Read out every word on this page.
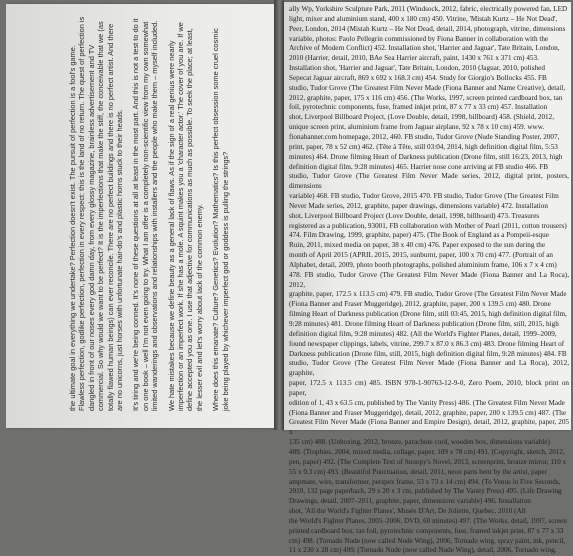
the ultimate goal in everything we undertake? Perfection doesn't exist. The pursuit of perfection is a fool's game. Flawless perfection, godlike perfection, perfection in every respect: this is the land of no return. The quest of perfection is dangled in front of our noses every god damn day, from every glossy magazine, brainless advertisement and TV commercial. So why would we want to be perfect? It is the imperfections that make the stiff, the conceivable that we (as totally flawed human beings) can ever reconcile. There are no perfect buildings and there is no perfect artist. And there are no unicorns, just horses with unfortunate hair-do's and plastic horns stuck to their heads. It's tiring and we're being conned. It's none of these questions at all at least in the most part. And this is not a test to do it on one book – well I'm not even going to try. What I am offer is a completely non-scientific view from my own somewhat limited wanderings and observations and relationships with installers and the people who make them – myself included. We hate mistakes because we define beauty as a general lack of flaws. As if the sign of a real genius were nearly imperfection or an imperfect work. If she has a mole. A squint makes you a 'character actor.' The cover of you are. If we define accepted you as one. I use that adjective for communications as much as possible. To seek the place; at least, the lesser evil and let's worry about lack of the common enemy. Where does this emanate? Culture? Genetics? Evolution? Mathematics? Is this perfect obsession some cruel cosmic joke being played by whichever imperfect god or goddess is pulling the strings?

ally Wp, Yorkshire Sculpture Park, 2011 (Windsock, 2012, fabric, electrically powered fan, LED

light, mixer and aluminium stand, 400 x 180 cm) 450. Vitrine, 'Mistah Kurtz – He Not Dead',

Peer, London, 2014 (Mistah Kurtz – He Not Dead, detail, 2014, photograph, vitrine, dimensions

variable, photos: Paolo Pellegrin commissioned by Fiona Banner in collaboration with the

Archive of Modern Conflict) 452. Installation shot, 'Harrier and Jaguar', Tate Britain, London,

2010 (Harrier, detail, 2010, BAe Sea Harrier aircraft, paint, 1430 x 761 x 371 cm) 453.

Installation shot, 'Harrier and Jaguar', Tate Britain, London, 2010 (Jaguar, 2010, polished

Sepecat Jaguar aircraft, 869 x 692 x 168.3 cm) 454. Study for Giorgio's Bollocks 455. FB

studio, Tudor Grove (The Greatest Film Never Made (Fiona Banner and Name Creative), detail,

2012, graphite, paper, 175 x 116 cm) 456. (The Works, 1997, screen printed cardboard box, tan

foil, pyrotechnic components, fuse, framed inkjet print, 87 x 77 x 33 cm) 457. Installation

shot, Liverpool Billboard Project, (Love Double, detail, 1998, billboard) 458. (Shield, 2012,

unique screen print, aluminium frame from Jaguar airplane, 92 x 78 x 10 cm) 459. www.

fionabanner.com homepage, 2012, 460. FB studio, Tudor Grove (Nude Standing Poster, 2007,

print, paper, 78 x 52 cm) 462. (Tête à Tête, still 03:04, 2014, high definition digital film, 5:53

minutes) 464. Drone filming Heart of Darkness publication (Drone film, still 16:23, 2013, high

definition digital film, 9:28 minutes) 465. Harrier nose cone arriving at FB studio 466. FB

studio, Tudor Grove (The Greatest Film Never Made series, 2012, digital print, posters, dimensions

variable) 468. FB studio, Tudor Grove, 2015 470. FB studio, Tudor Grove (The Greatest Film

Never Made series, 2012, graphite, paper drawings, dimensions variable) 472. Installation

shot, Liverpool Billboard Project (Love Double, detail, 1998, billboard) 473. Treasures

registered as a publication, 93001, FB collaboration with Mother of Pearl (2011, cotton trousers)

474. Film Drawing, 1999, graphite, paper) 475. (The Book of England as a Pompeii-esque

Ruin, 2011, mixed media on paper, 38 x 40 cm) 476. Paper exposed to the sun during the

month of April 2015 (APRIL 2015, 2015, sunburnt, paper, 100 x 70 cm) 477. (Portrait of an

Alphabet, detail, 2009, photo booth photographs, polished aluminium frame, 106 x 7 x 4 cm)

478. FB studio, Tudor Grove (The Greatest Film Never Made (Fiona Banner and La Roca), 2012,

graphite, paper, 172.5 x 113.5 cm) 479. FB studio, Tudor Grove (The Greatest Film Never Made

(Fiona Banner and Fraser Muggeridge), 2012, graphite, paper, 200 x 139.5 cm) 480. Drone

filming Heart of Darkness publication (Drone film, still 03:45, 2015, high definition digital film,

9:28 minutes) 481. Drone filming Heart of Darkness publication (Drone film, still, 2015, high

definition digital film, 9:28 minutes) 482. (All the World's Fighter Planes, detail, 1999–2009,

found newspaper clippings, labels, vitrine, 299.7 x 87.0 x 86.3 cm) 483. Drone filming Heart of

Darkness publication (Drone film, still, 2015, high definition digital film, 9:28 minutes) 484. FB

studio, Tudor Grove (The Greatest Film Never Made (Fiona Banner and La Roca), 2012, graphite,

paper, 172.5 x 113.5 cm) 485. ISBN 978-1-90763-12-9-0, Zero Poem, 2010, block print on paper,

edition of 1, 43 x 63.5 cm, published by The Vanity Press) 486. (The Greatest Film Never Made

(Fiona Banner and Fraser Muggeridge), detail, 2012, graphite, paper, 200 x 139.5 cm) 487. (The

Greatest Film Never Made (Fiona Banner and Empire Design), detail, 2012, graphite, paper, 205 x

135 cm) 488. (Unboxing, 2012, bronze, parachute cord, wooden box, dimensions variable)

489. (Trophies, 2004, mixed media, collage, paper, 109 x 78 cm) 491. (Copyright, sketch, 2012,

pen, paper) 492. (The Complete Text of Snoopy's Novel, 2013, screenprint, bronze mirror, 110 x

55 x 0.3 cm) 493. (Beautiful Punctuation, detail, 2011, neon parts bent by the artist, paper

ampmate, wire, transformer, perspex frame, 53 x 73 x 14 cm) 494. (To Venus in Five Seconds,

2010, 132 page paperback, 29 x 20 x 3 cm, published by The Vanity Press) 495. (Life Drawing

Drawings, detail, 2007–2011, graphite, paper, dimensions variable) 496. Installation

shot, 'All the World's Fighter Planes', Musée D'Art, De Joliette, Quebec, 2010 (All

the World's Fighter Planes, 2005–2006, DVD, 60 minutes) 497. (The Works, detail, 1997, screen

printed cardboard box, tan foil, pyrotechnic components, fuse, framed inkjet print, 87 x 77 x 33

cm) 498. (Tornado Nude (now called Nude Wing), 2006, Tornado wing, spray paint, ink, pencil,

11 x 230 x 28 cm) 499. (Tornado Nude (now called Nude Wing), detail, 2006, Tornado wing,
